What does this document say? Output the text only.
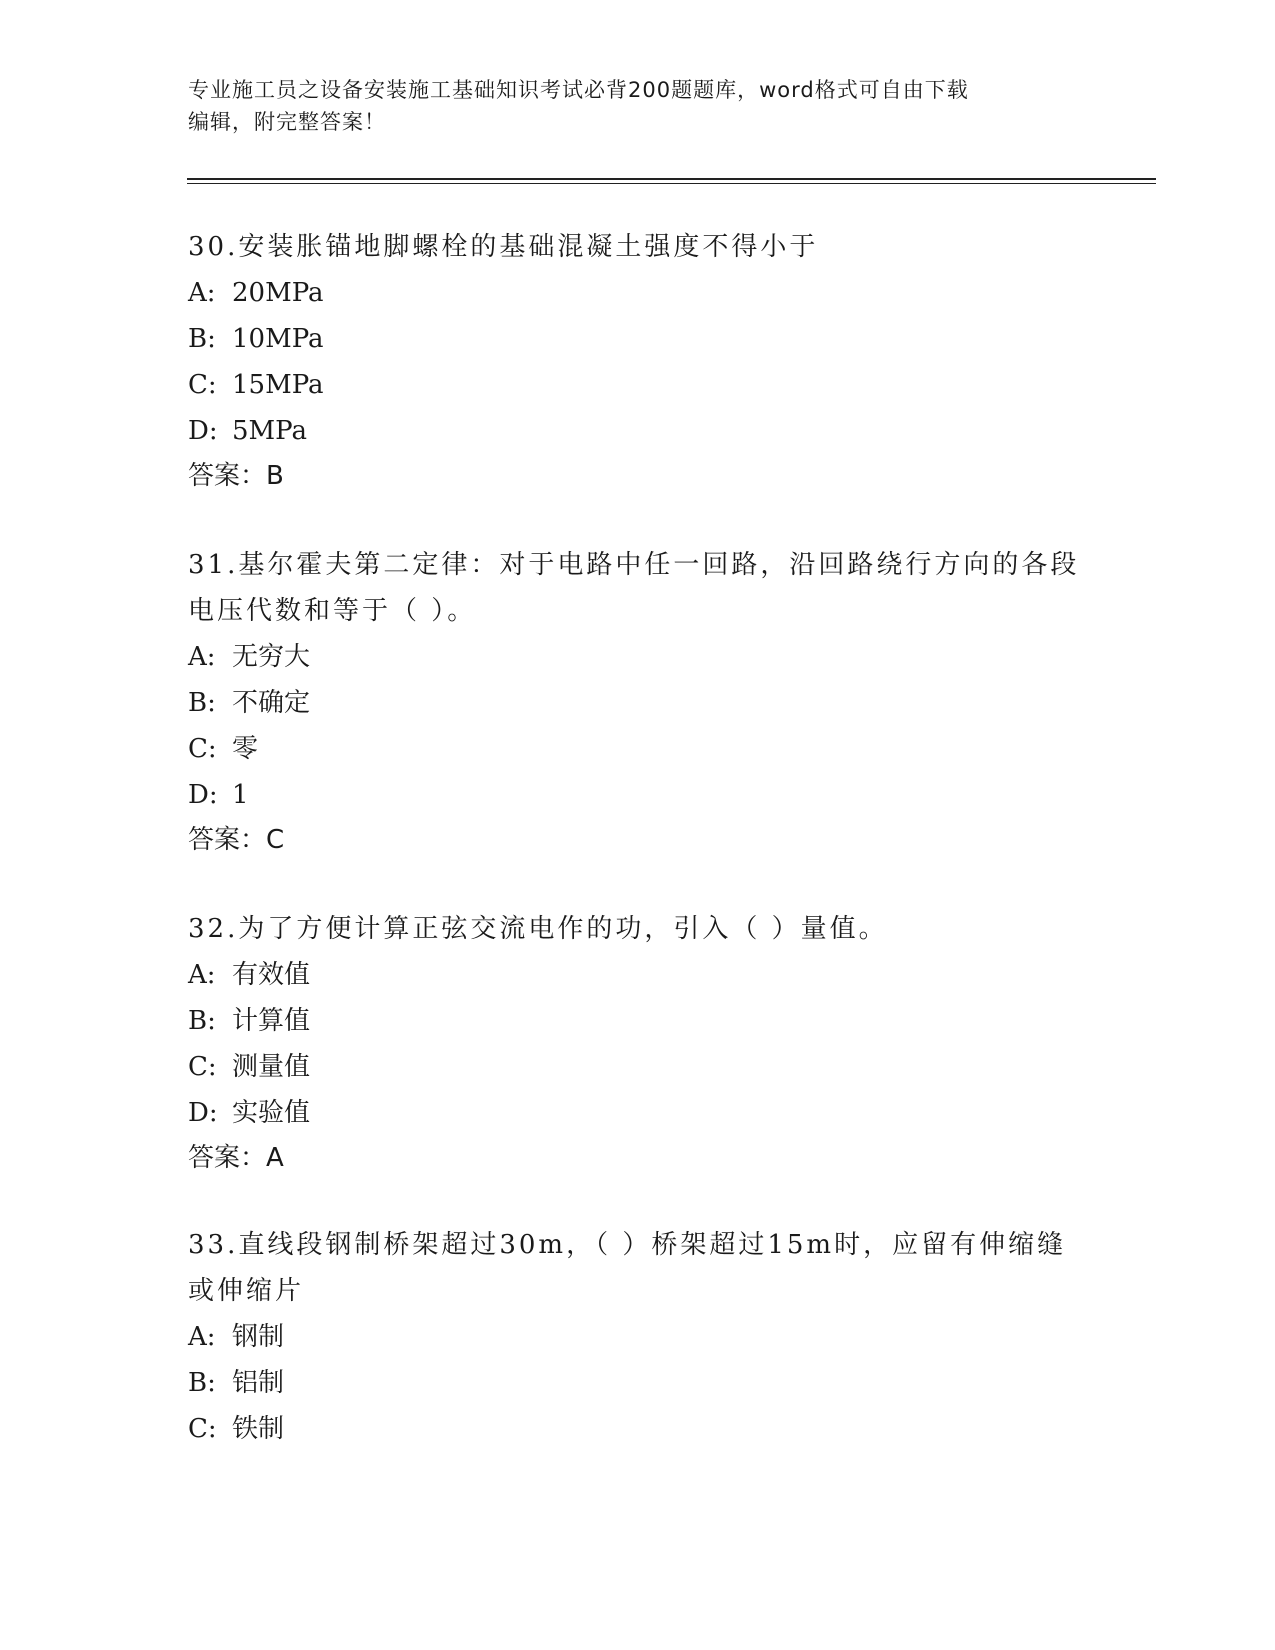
专业施工员之设备安装施工基础知识考试必背200题题库，word格式可自由下载
编辑，附完整答案！

30.安装胀锚地脚螺栓的基础混凝土强度不得小于

A: 20MPa

B: 10MPa

C: 15MPa

D: 5MPa

答案：B

31.基尔霍夫第二定律：对于电路中任一回路，沿回路绕行方向的各段电压代数和等于（ ）。

A: 无穷大

B: 不确定

C: 零

D: 1

答案：C

32.为了方便计算正弦交流电作的功，引入（ ）量值。

A: 有效值

B: 计算值

C: 测量值

D: 实验值

答案：A

33.直线段钢制桥架超过30m，（ ）桥架超过15m时，应留有伸缩缝或伸缩片

A: 钢制

B: 铝制

C: 铁制
